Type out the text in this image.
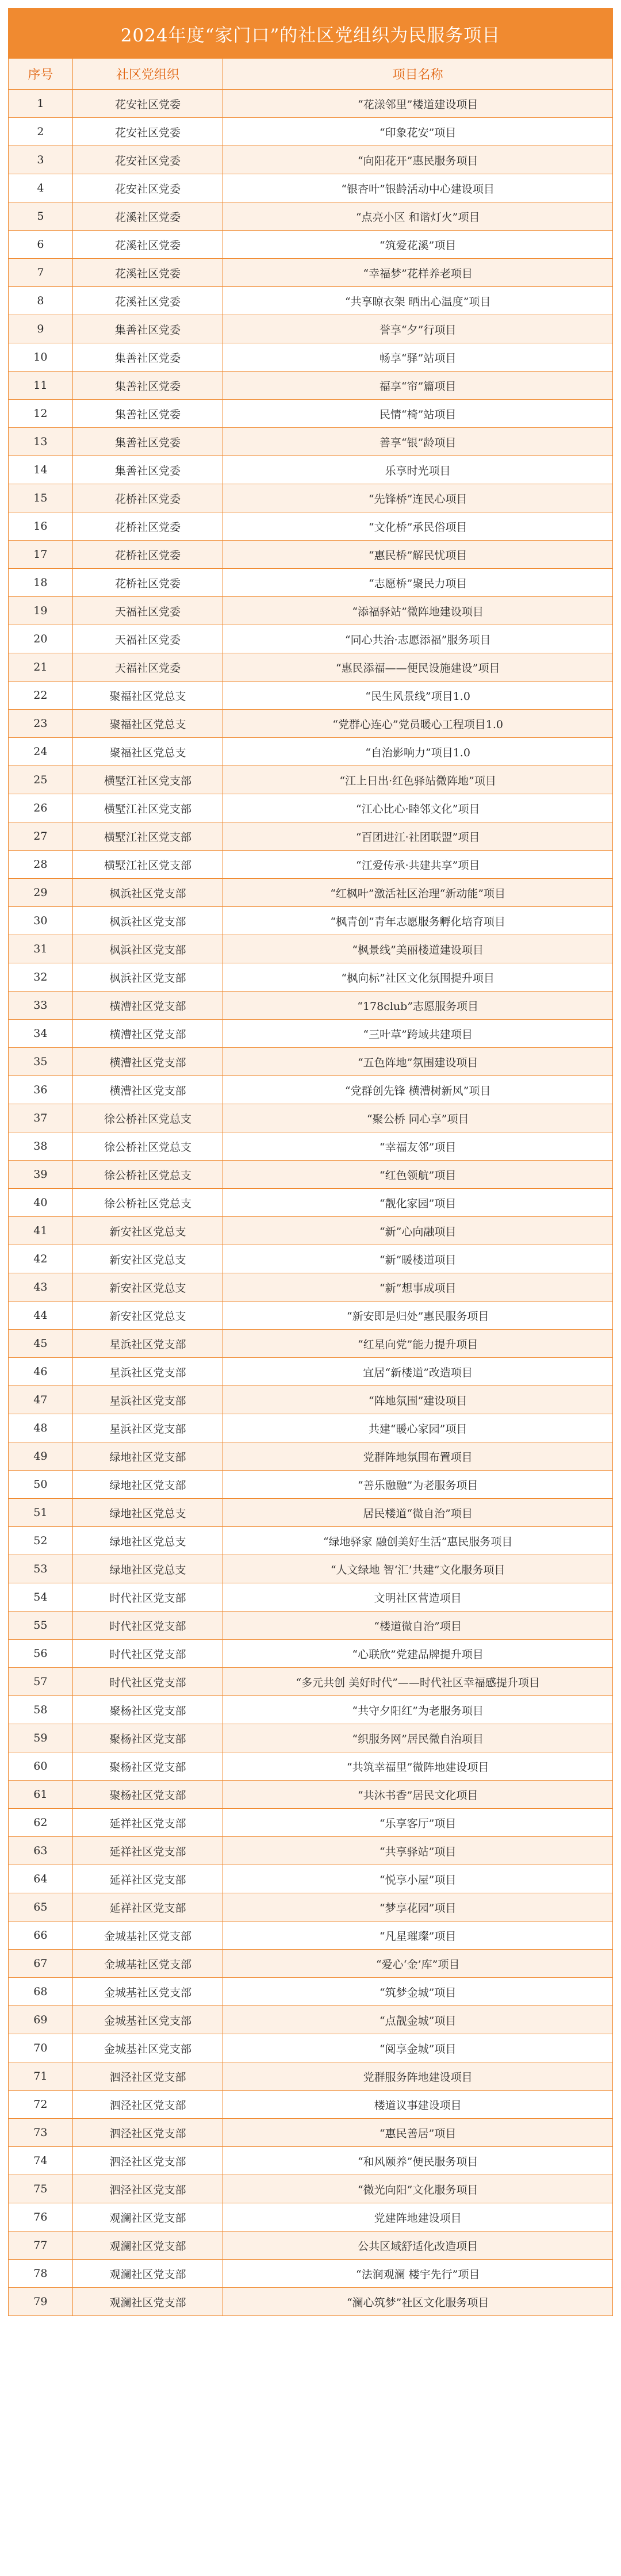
2024年度“家门口”的社区党组织为民服务项目
序号	社区党组织	项目名称
1	花安社区党委	“花漾邻里”楼道建设项目
2	花安社区党委	“印象花安”项目
3	花安社区党委	“向阳花开”惠民服务项目
4	花安社区党委	“银杏叶”银龄活动中心建设项目
5	花溪社区党委	“点亮小区 和谐灯火”项目
6	花溪社区党委	“筑爱花溪”项目
7	花溪社区党委	“幸福梦”花样养老项目
8	花溪社区党委	“共享晾衣架 晒出心温度”项目
9	集善社区党委	誉享“夕”行项目
10	集善社区党委	畅享“驿”站项目
11	集善社区党委	福享“帘”篇项目
12	集善社区党委	民情“椅”站项目
13	集善社区党委	善享“银”龄项目
14	集善社区党委	乐享时光项目
15	花桥社区党委	“先锋桥”连民心项目
16	花桥社区党委	“文化桥”承民俗项目
17	花桥社区党委	“惠民桥”解民忧项目
18	花桥社区党委	“志愿桥”聚民力项目
19	天福社区党委	“添福驿站”微阵地建设项目
20	天福社区党委	“同心共治·志愿添福”服务项目
21	天福社区党委	“惠民添福——便民设施建设”项目
22	聚福社区党总支	“民生风景线”项目1.0
23	聚福社区党总支	“党群心连心”党员暖心工程项目1.0
24	聚福社区党总支	“自治影响力”项目1.0
25	横墅江社区党支部	“江上日出·红色驿站微阵地”项目
26	横墅江社区党支部	“江心比心·睦邻文化”项目
27	横墅江社区党支部	“百团进江·社团联盟”项目
28	横墅江社区党支部	“江爱传承·共建共享”项目
29	枫浜社区党支部	“红枫叶”激活社区治理“新动能”项目
30	枫浜社区党支部	“枫青创”青年志愿服务孵化培育项目
31	枫浜社区党支部	“枫景线”美丽楼道建设项目
32	枫浜社区党支部	“枫向标”社区文化氛围提升项目
33	横漕社区党支部	“178club”志愿服务项目
34	横漕社区党支部	“三叶草”跨域共建项目
35	横漕社区党支部	“五色阵地”氛围建设项目
36	横漕社区党支部	“党群创先锋 横漕树新风”项目
37	徐公桥社区党总支	“聚公桥 同心享”项目
38	徐公桥社区党总支	“幸福友邻”项目
39	徐公桥社区党总支	“红色领航”项目
40	徐公桥社区党总支	“靓化家园”项目
41	新安社区党总支	“新”心向融项目
42	新安社区党总支	“新”暖楼道项目
43	新安社区党总支	“新”想事成项目
44	新安社区党总支	“新安即是归处”惠民服务项目
45	星浜社区党支部	“红星向党”能力提升项目
46	星浜社区党支部	宜居“新楼道”改造项目
47	星浜社区党支部	“阵地氛围”建设项目
48	星浜社区党支部	共建“暖心家园”项目
49	绿地社区党支部	党群阵地氛围布置项目
50	绿地社区党支部	“善乐融融”为老服务项目
51	绿地社区党总支	居民楼道“微自治”项目
52	绿地社区党总支	“绿地驿家 融创美好生活”惠民服务项目
53	绿地社区党总支	“人文绿地 智‘汇’共建”文化服务项目
54	时代社区党支部	文明社区营造项目
55	时代社区党支部	“楼道微自治”项目
56	时代社区党支部	“心联欣”党建品牌提升项目
57	时代社区党支部	“多元共创 美好时代”——时代社区幸福感提升项目
58	聚杨社区党支部	“共守夕阳红”为老服务项目
59	聚杨社区党支部	“织服务网”居民微自治项目
60	聚杨社区党支部	“共筑幸福里”微阵地建设项目
61	聚杨社区党支部	“共沐书香”居民文化项目
62	延祥社区党支部	“乐享客厅”项目
63	延祥社区党支部	“共享驿站”项目
64	延祥社区党支部	“悦享小屋”项目
65	延祥社区党支部	“梦享花园”项目
66	金城基社区党支部	“凡星璀璨”项目
67	金城基社区党支部	“爱心‘金’库”项目
68	金城基社区党支部	“筑梦金城”项目
69	金城基社区党支部	“点靓金城”项目
70	金城基社区党支部	“阅享金城”项目
71	泗泾社区党支部	党群服务阵地建设项目
72	泗泾社区党支部	楼道议事建设项目
73	泗泾社区党支部	“惠民善居”项目
74	泗泾社区党支部	“和风颐养”便民服务项目
75	泗泾社区党支部	“微光向阳”文化服务项目
76	观澜社区党支部	党建阵地建设项目
77	观澜社区党支部	公共区域舒适化改造项目
78	观澜社区党支部	“法润观澜 楼宇先行”项目
79	观澜社区党支部	“澜心筑梦”社区文化服务项目
